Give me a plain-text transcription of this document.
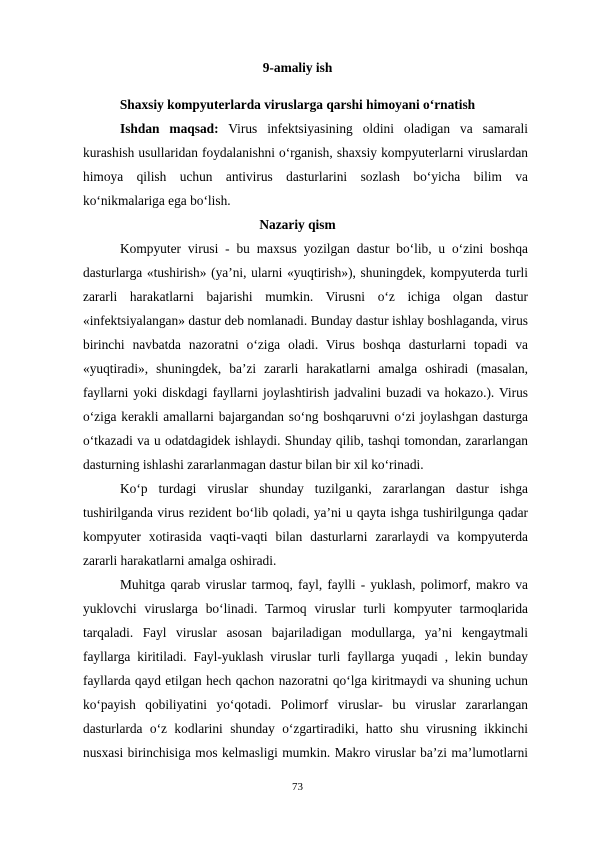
9-amaliy ish
Shaxsiy kompyuterlarda viruslarga qarshi himoyani o‘rnatish
Ishdan maqsad: Virus infektsiyasining oldini oladigan va samarali
kurashish usullaridan foydalanishni o‘rganish, shaxsiy kompyuterlarni viruslardan
himoya qilish uchun antivirus dasturlarini sozlash bo‘yicha bilim va
ko‘nikmalariga ega bo‘lish.
Nazariy qism
Kompyuter virusi - bu maxsus yozilgan dastur bo‘lib, u o‘zini boshqa
dasturlarga «tushirish» (ya’ni, ularni «yuqtirish»), shuningdek, kompyuterda turli
zararli harakatlarni bajarishi mumkin. Virusni o‘z ichiga olgan dastur
«infektsiyalangan» dastur deb nomlanadi. Bunday dastur ishlay boshlaganda, virus
birinchi navbatda nazoratni o‘ziga oladi. Virus boshqa dasturlarni topadi va
«yuqtiradi», shuningdek, ba’zi zararli harakatlarni amalga oshiradi (masalan,
fayllarni yoki diskdagi fayllarni joylashtirish jadvalini buzadi va hokazo.). Virus
o‘ziga kerakli amallarni bajargandan so‘ng boshqaruvni o‘zi joylashgan dasturga
o‘tkazadi va u odatdagidek ishlaydi. Shunday qilib, tashqi tomondan, zararlangan
dasturning ishlashi zararlanmagan dastur bilan bir xil ko‘rinadi.
Ko‘p turdagi viruslar shunday tuzilganki, zararlangan dastur ishga
tushirilganda virus rezident bo‘lib qoladi, ya’ni u qayta ishga tushirilgunga qadar
kompyuter xotirasida vaqti-vaqti bilan dasturlarni zararlaydi va kompyuterda
zararli harakatlarni amalga oshiradi.
Muhitga qarab viruslar tarmoq, fayl, faylli - yuklash, polimorf, makro va
yuklovchi viruslarga bo‘linadi. Tarmoq viruslar turli kompyuter tarmoqlarida
tarqaladi. Fayl viruslar asosan bajariladigan modullarga, ya’ni kengaytmali
fayllarga kiritiladi. Fayl-yuklash viruslar turli fayllarga yuqadi , lekin bunday
fayllarda qayd etilgan hech qachon nazoratni qo‘lga kiritmaydi va shuning uchun
ko‘payish qobiliyatini yo‘qotadi. Polimorf viruslar- bu viruslar zararlangan
dasturlarda o‘z kodlarini shunday o‘zgartiradiki, hatto shu virusning ikkinchi
nusxasi birinchisiga mos kelmasligi mumkin. Makro viruslar ba’zi ma’lumotlarni
73
